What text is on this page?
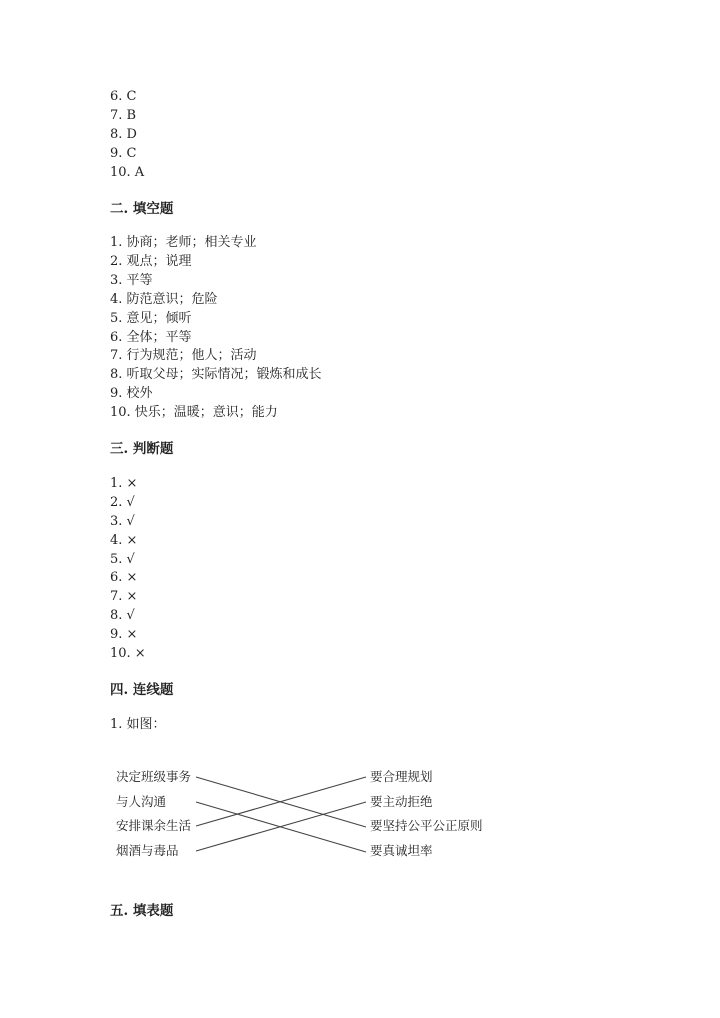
6. C
7. B
8. D
9. C
10. A
二. 填空题
1. 协商；老师；相关专业
2. 观点；说理
3. 平等
4. 防范意识；危险
5. 意见；倾听
6. 全体；平等
7. 行为规范；他人；活动
8. 听取父母；实际情况；锻炼和成长
9. 校外
10. 快乐；温暖；意识；能力
三. 判断题
1. ×
2. √
3. √
4. ×
5. √
6. ×
7. ×
8. √
9. ×
10. ×
四. 连线题
1. 如图：
决定班级事务
与人沟通
安排课余生活
烟酒与毒品
要合理规划
要主动拒绝
要坚持公平公正原则
要真诚坦率
五. 填表题
